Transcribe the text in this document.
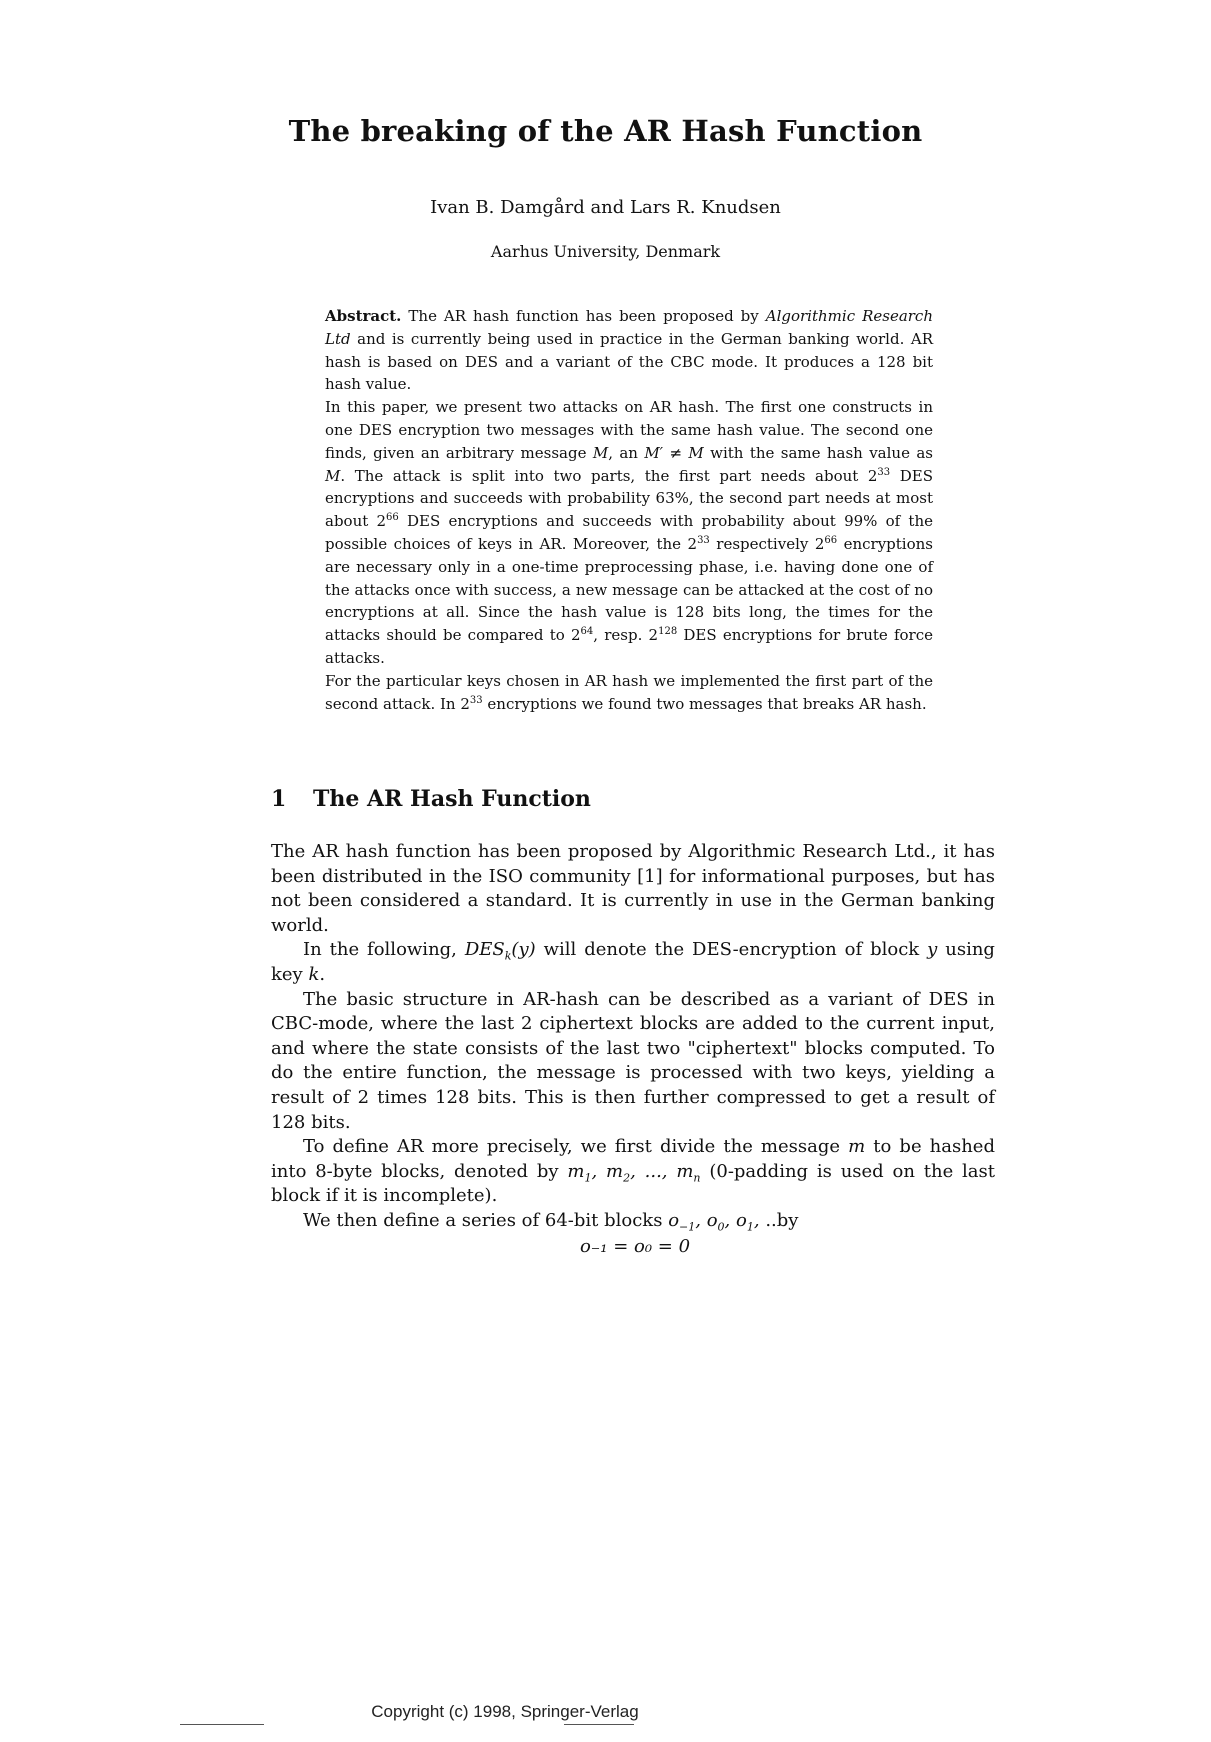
The breaking of the AR Hash Function
Ivan B. Damgård and Lars R. Knudsen
Aarhus University, Denmark

Abstract. The AR hash function has been proposed by Algorithmic Research Ltd and is currently being used in practice in the German banking world. AR hash is based on DES and a variant of the CBC mode. It produces a 128 bit hash value.

In this paper, we present two attacks on AR hash. The first one constructs in one DES encryption two messages with the same hash value. The second one finds, given an arbitrary message M, an M′ ≠ M with the same hash value as M. The attack is split into two parts, the first part needs about $2^{33}$ DES encryptions and succeeds with probability 63%, the second part needs at most about $2^{66}$ DES encryptions and succeeds with probability about 99% of the possible choices of keys in AR. Moreover, the $2^{33}$ respectively $2^{66}$ encryptions are necessary only in a one-time preprocessing phase, i.e. having done one of the attacks once with success, a new message can be attacked at the cost of no encryptions at all. Since the hash value is 128 bits long, the times for the attacks should be compared to $2^{64}$, resp. $2^{128}$ DES encryptions for brute force attacks.

For the particular keys chosen in AR hash we implemented the first part of the second attack. In $2^{33}$ encryptions we found two messages that breaks AR hash.

1 The AR Hash Function

The AR hash function has been proposed by Algorithmic Research Ltd., it has been distributed in the ISO community [1] for informational purposes, but has not been considered a standard. It is currently in use in the German banking world.

In the following, $DES_k(y)$ will denote the DES-encryption of block y using key k.

The basic structure in AR-hash can be described as a variant of DES in CBC-mode, where the last 2 ciphertext blocks are added to the current input, and where the state consists of the last two "ciphertext" blocks computed. To do the entire function, the message is processed with two keys, yielding a result of 2 times 128 bits. This is then further compressed to get a result of 128 bits.

To define AR more precisely, we first divide the message m to be hashed into 8-byte blocks, denoted by $m_1$, $m_2$, ..., $m_n$ (0-padding is used on the last block if it is incomplete).

We then define a series of 64-bit blocks $o_{-1}$, $o_0$, $o_1$, ..by

o₋₁ = o₀ = 0
Copyright (c) 1998, Springer-Verlag
